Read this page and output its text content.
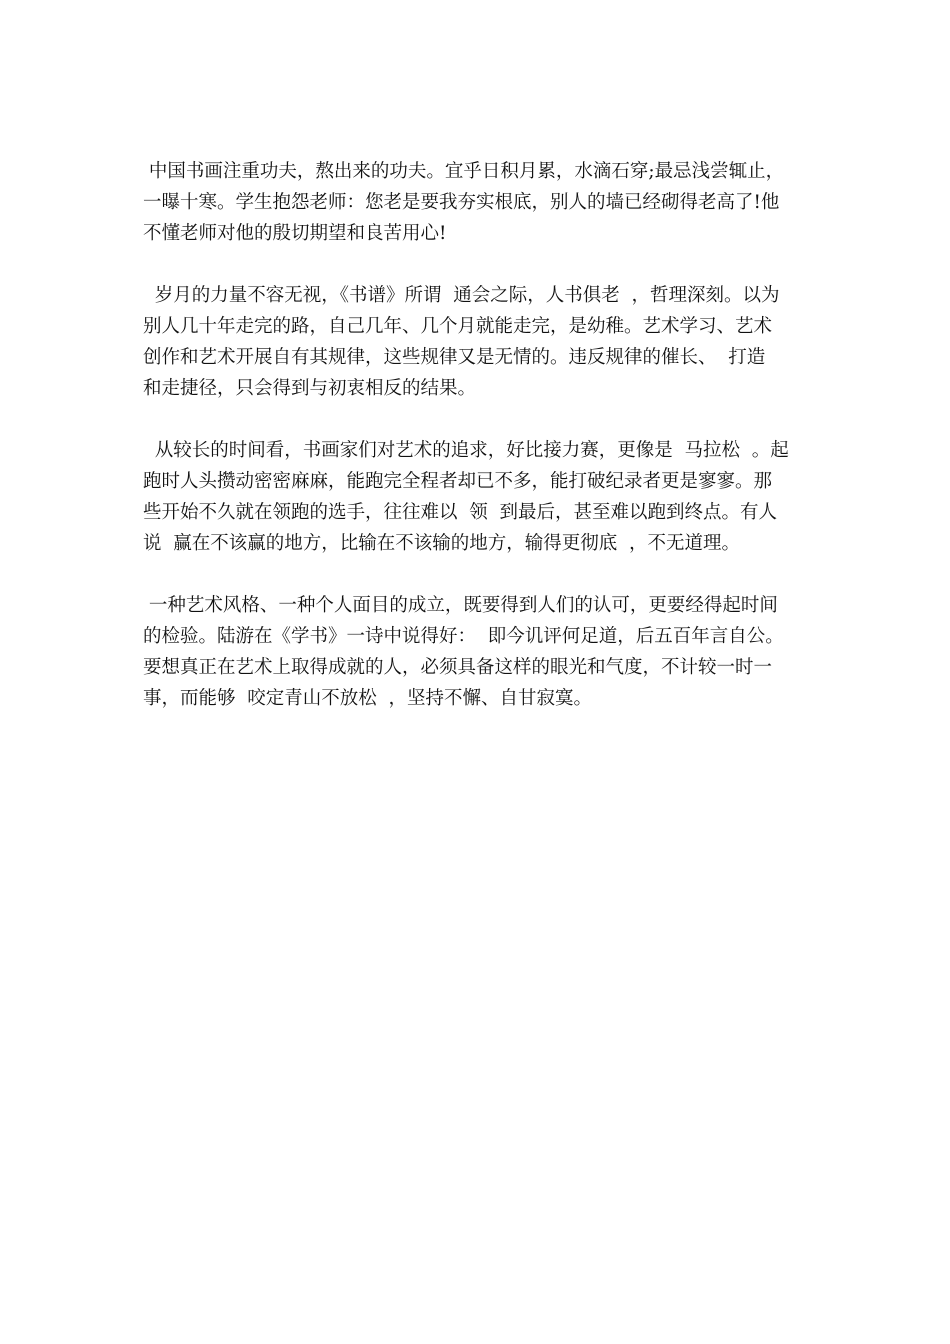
中国书画注重功夫，熬出来的功夫。宜乎日积月累，水滴石穿;最忌浅尝辄止，
一曝十寒。学生抱怨老师：您老是要我夯实根底，别人的墙已经砌得老高了!他
不懂老师对他的殷切期望和良苦用心!
岁月的力量不容无视，《书谱》所谓  通会之际，人书俱老  ，哲理深刻。以为
别人几十年走完的路，自己几年、几个月就能走完，是幼稚。艺术学习、艺术
创作和艺术开展自有其规律，这些规律又是无情的。违反规律的催长、  打造
和走捷径，只会得到与初衷相反的结果。
从较长的时间看，书画家们对艺术的追求，好比接力赛，更像是  马拉松  。起
跑时人头攒动密密麻麻，能跑完全程者却已不多，能打破纪录者更是寥寥。那
些开始不久就在领跑的选手，往往难以  领  到最后，甚至难以跑到终点。有人
说  赢在不该赢的地方，比输在不该输的地方，输得更彻底  ，不无道理。
一种艺术风格、一种个人面目的成立，既要得到人们的认可，更要经得起时间
的检验。陆游在《学书》一诗中说得好：  即今讥评何足道，后五百年言自公。
要想真正在艺术上取得成就的人，必须具备这样的眼光和气度，不计较一时一
事，而能够  咬定青山不放松  ，坚持不懈、自甘寂寞。
